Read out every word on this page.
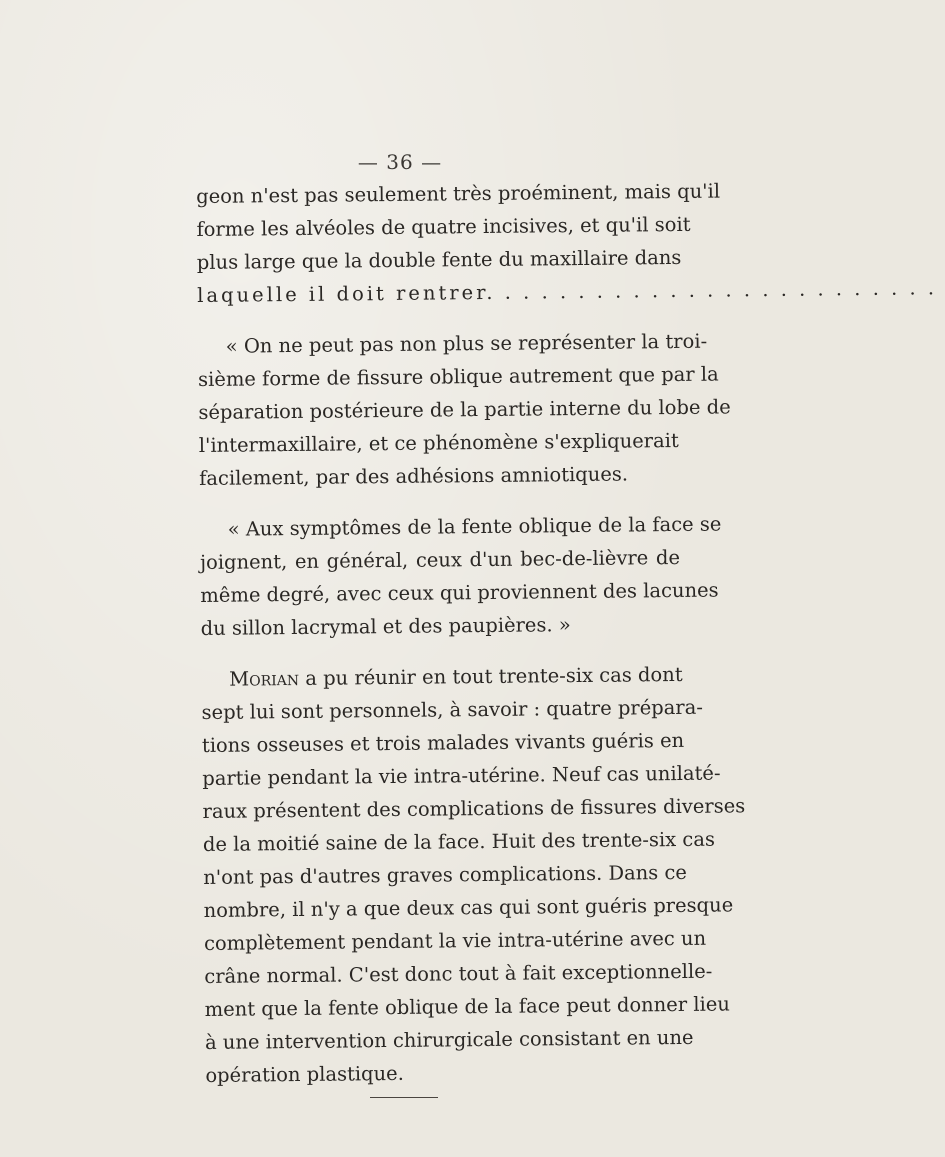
— 36 —
geon n'est pas seulement très proéminent, mais qu'il
forme les alvéoles de quatre incisives, et qu'il soit
plus large que la double fente du maxillaire dans
laquelle il doit rentrer. . . . . . . . . . . . . . . . . . . . . . . . .
« On ne peut pas non plus se représenter la troi-
sième forme de fissure oblique autrement que par la
séparation postérieure de la partie interne du lobe de
l'intermaxillaire, et ce phénomène s'expliquerait
facilement, par des adhésions amniotiques.
« Aux symptômes de la fente oblique de la face se
joignent, en général, ceux d'un bec-de-lièvre de
même degré, avec ceux qui proviennent des lacunes
du sillon lacrymal et des paupières. »
Morian a pu réunir en tout trente-six cas dont
sept lui sont personnels, à savoir : quatre prépara-
tions osseuses et trois malades vivants guéris en
partie pendant la vie intra-utérine. Neuf cas unilaté-
raux présentent des complications de fissures diverses
de la moitié saine de la face. Huit des trente-six cas
n'ont pas d'autres graves complications. Dans ce
nombre, il n'y a que deux cas qui sont guéris presque
complètement pendant la vie intra-utérine avec un
crâne normal. C'est donc tout à fait exceptionnelle-
ment que la fente oblique de la face peut donner lieu
à une intervention chirurgicale consistant en une
opération plastique.
